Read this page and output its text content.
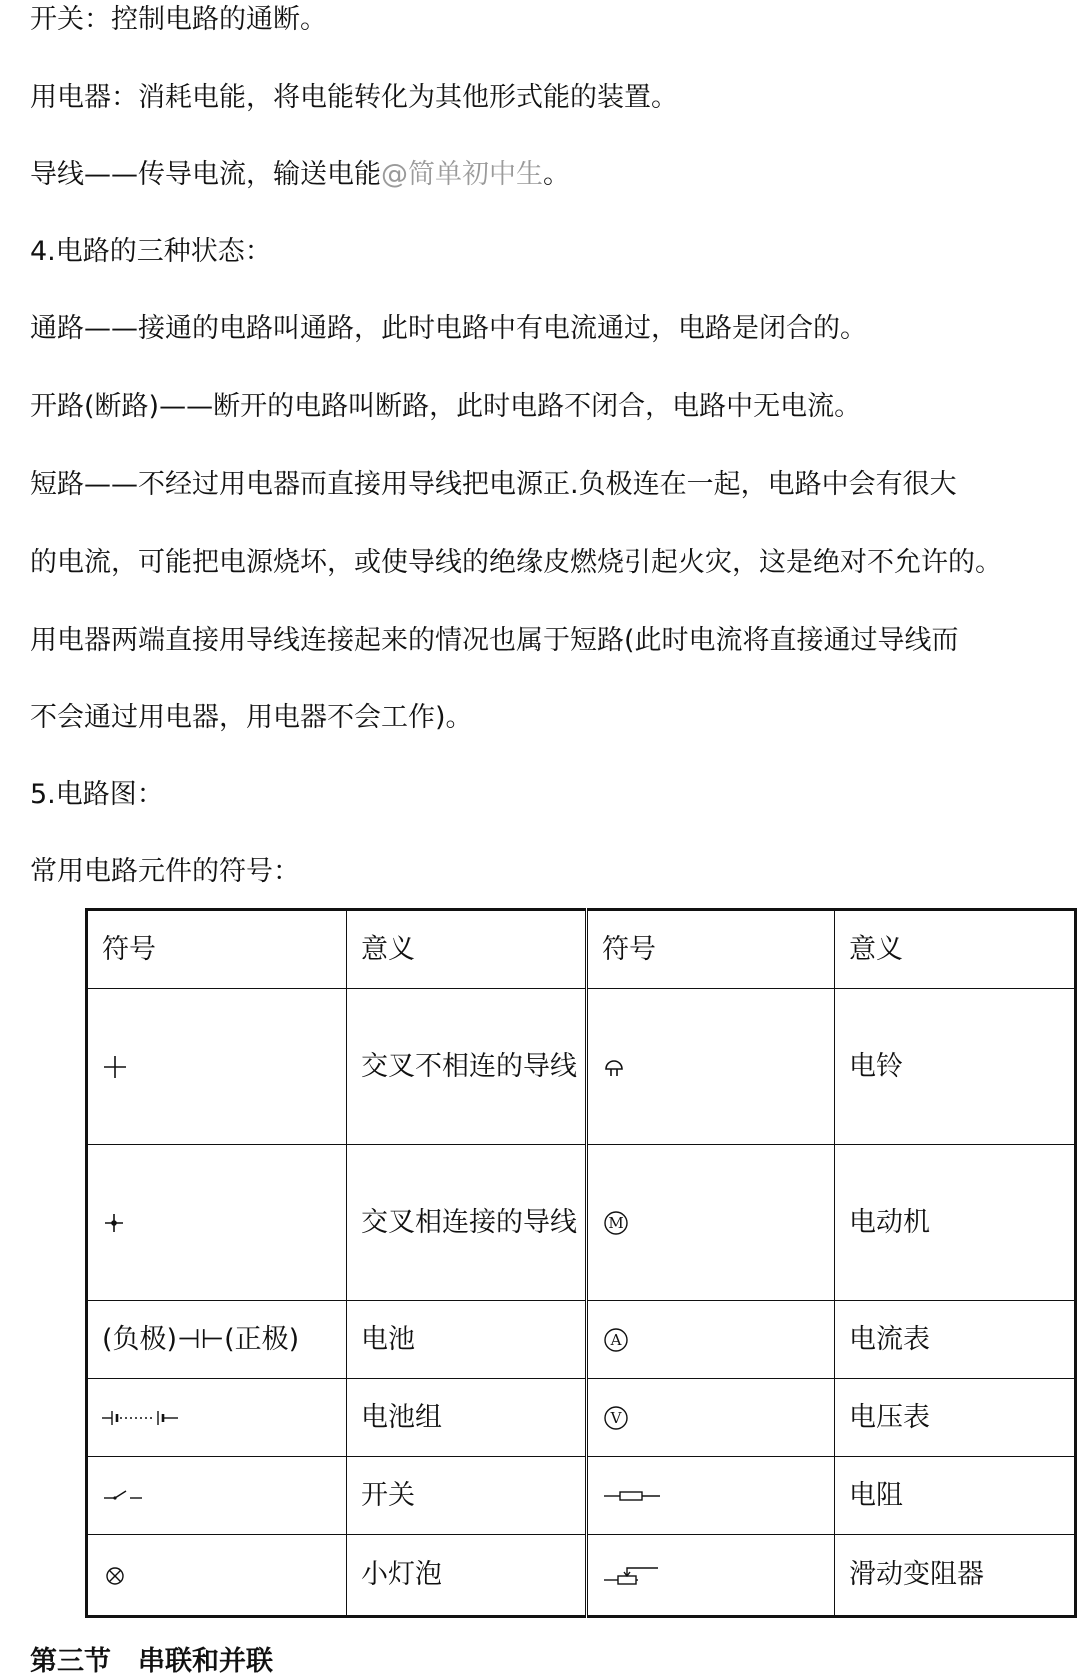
开关：控制电路的通断。
用电器：消耗电能，将电能转化为其他形式能的装置。
导线——传导电流，输送电能@简单初中生。
4.电路的三种状态：
通路——接通的电路叫通路，此时电路中有电流通过，电路是闭合的。
开路(断路)——断开的电路叫断路，此时电路不闭合，电路中无电流。
短路——不经过用电器而直接用导线把电源正.负极连在一起，电路中会有很大
的电流，可能把电源烧坏，或使导线的绝缘皮燃烧引起火灾，这是绝对不允许的。
用电器两端直接用导线连接起来的情况也属于短路(此时电流将直接通过导线而
不会通过用电器，用电器不会工作)。
5.电路图：
常用电路元件的符号：
符号	意义	符号	意义
	交叉不相连的导线		电铃
	交叉相连接的导线	M	电动机
(负极)⊣⊢(正极)	电池	A	电流表
	电池组	V	电压表
	开关		电阻
	小灯泡		滑动变阻器
第三节　串联和并联
